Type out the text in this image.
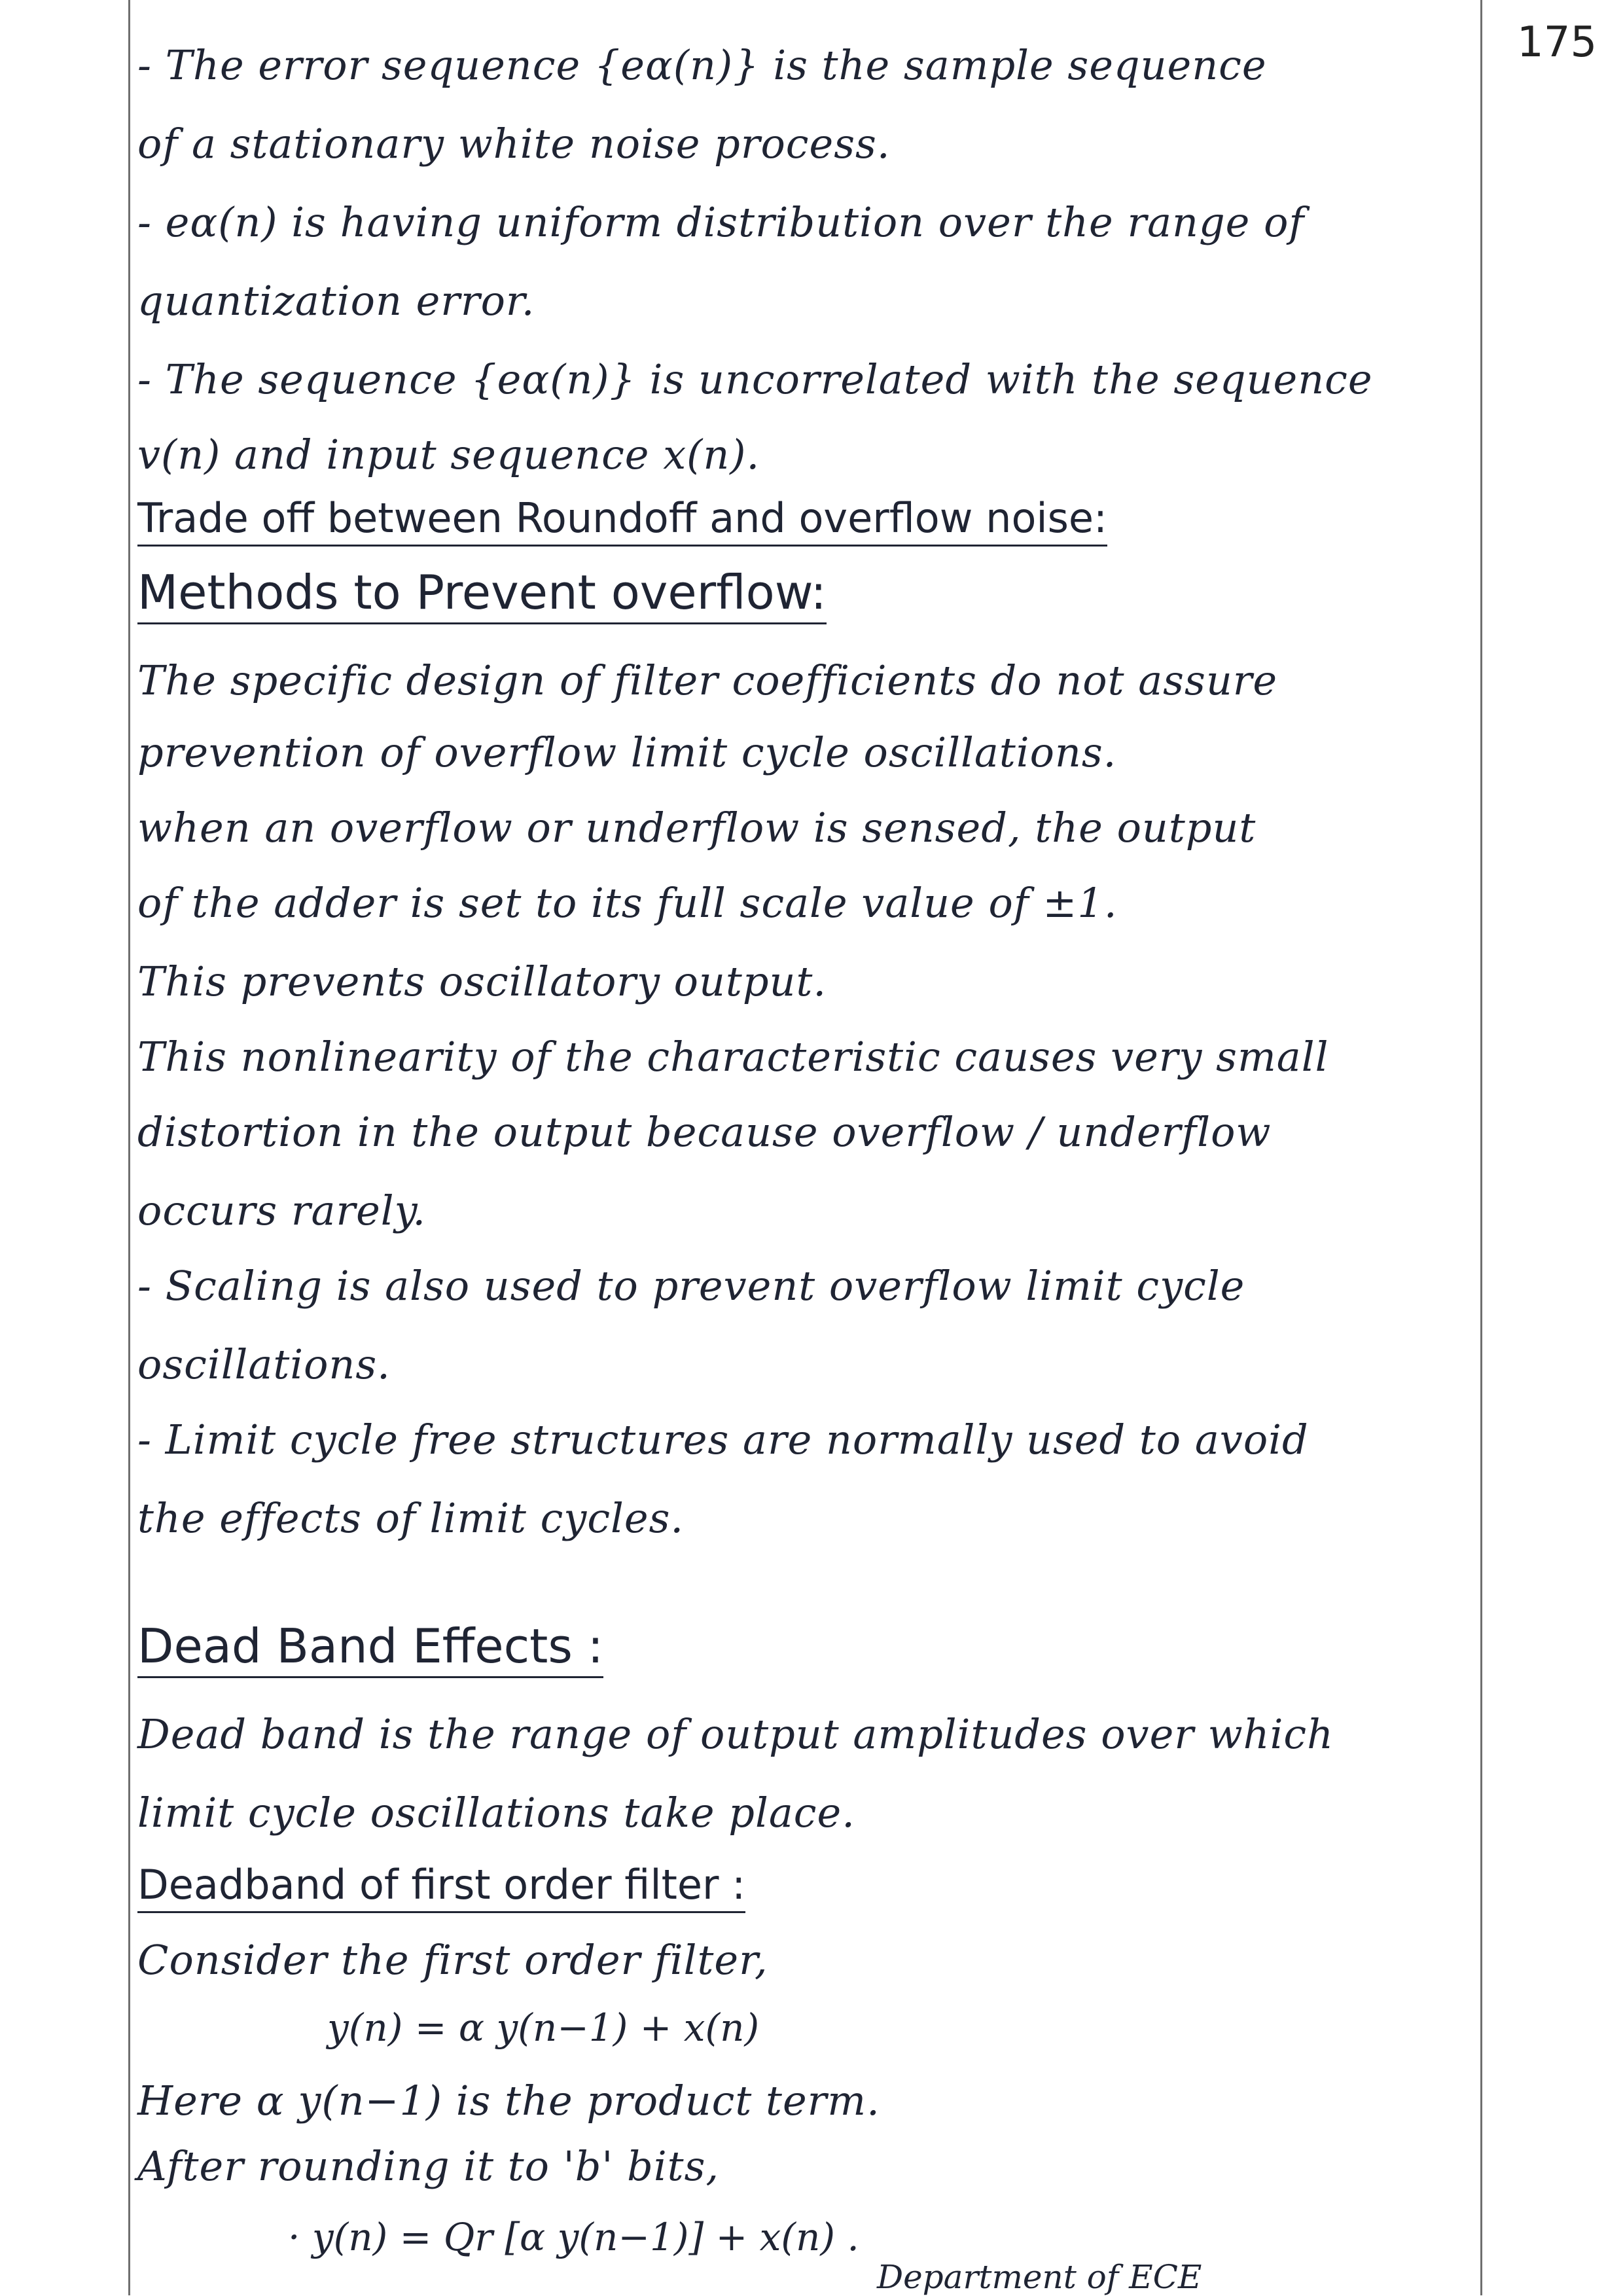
175
- The error sequence {eα(n)} is the sample sequence
of a stationary white noise process.
- eα(n) is having uniform distribution over the range of
quantization error.
- The sequence {eα(n)} is uncorrelated with the sequence
v(n) and input sequence x(n).
Trade off between Roundoff and overflow noise:
Methods to Prevent overflow:
The specific design of filter coefficients do not assure
prevention of overflow limit cycle oscillations.
when an overflow or underflow is sensed, the output
of the adder is set to its full scale value of ±1.
This prevents oscillatory output.
This nonlinearity of the characteristic causes very small
distortion in the output because overflow / underflow
occurs rarely.
- Scaling is also used to prevent overflow limit cycle
oscillations.
- Limit cycle free structures are normally used to avoid
the effects of limit cycles.
Dead Band Effects :
Dead band is the range of output amplitudes over which
limit cycle oscillations take place.
Deadband of first order filter :
Consider the first order filter,
y(n) = α y(n−1) + x(n)
Here α y(n−1) is the product term.
After rounding it to 'b' bits,
· y(n) = Qr [α y(n−1)] + x(n) .
Department of ECE
